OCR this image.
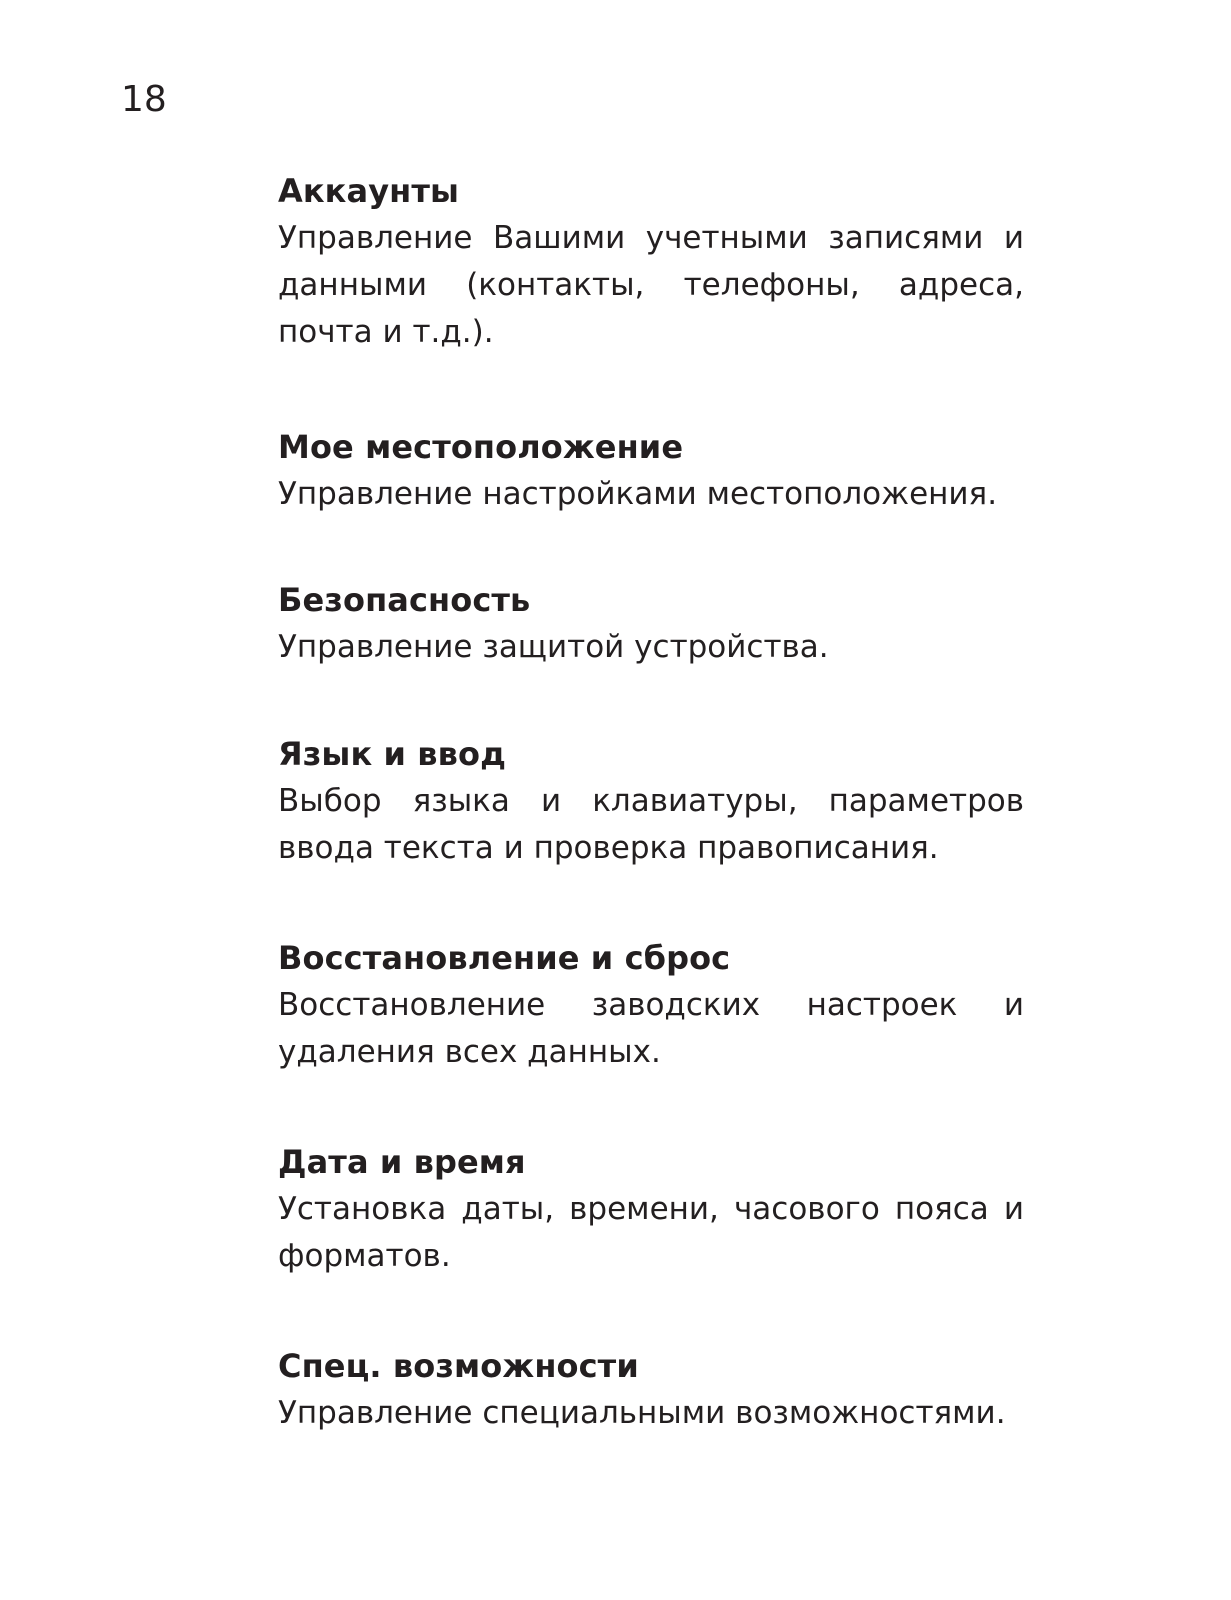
18

Аккаунты

Управление Вашими учетными записями и данными (контакты, телефоны, адреса, почта и т.д.).

Мое местоположение

Управление настройками местоположения.

Безопасность

Управление защитой устройства.

Язык и ввод

Выбор языка и клавиатуры, параметров ввода текста и проверка правописания.

Восстановление и сброс

Восстановление заводских настроек и удаления всех данных.

Дата и время

Установка даты, времени, часового пояса и форматов.

Спец. возможности

Управление специальными возможностями.
